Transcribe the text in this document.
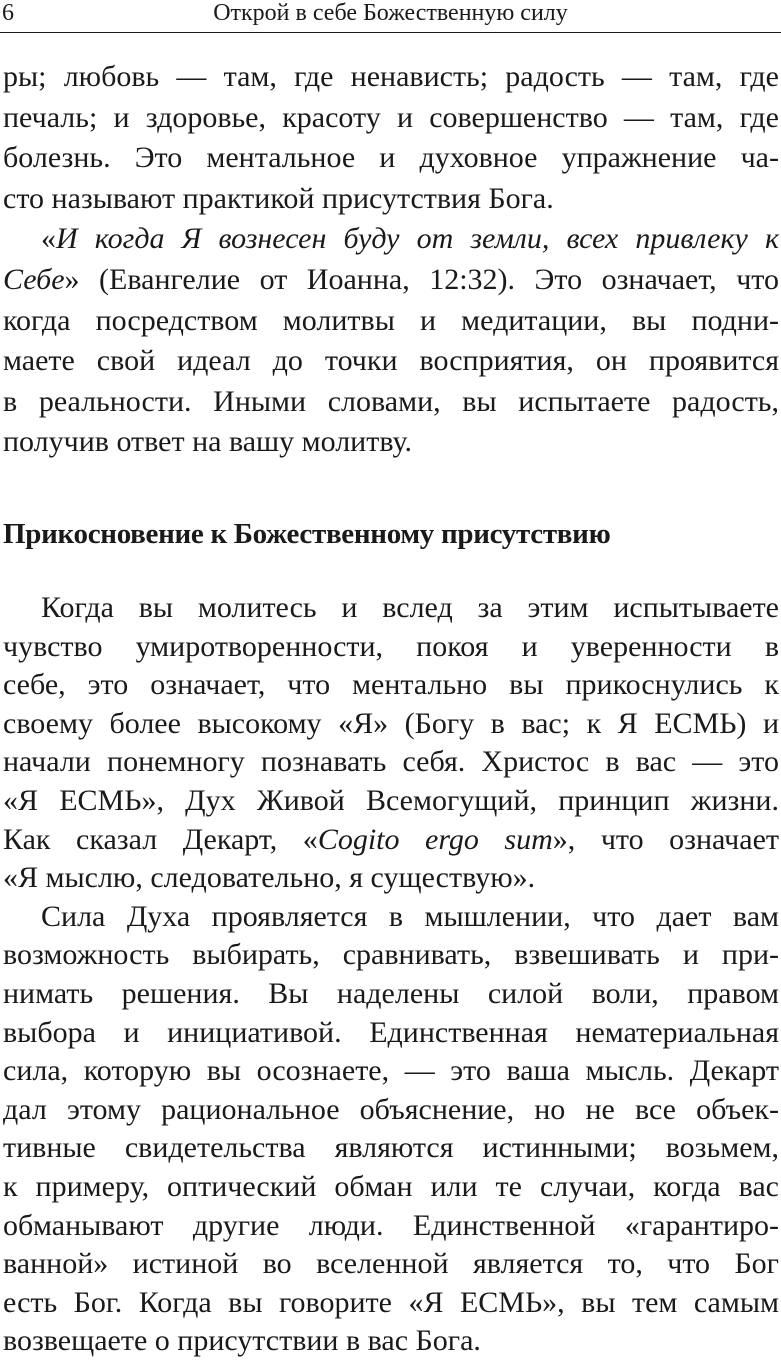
6	Открой в себе Божественную силу
ры; любовь — там, где ненависть; радость — там, где
печаль; и здоровье, красоту и совершенство — там, где
болезнь. Это ментальное и духовное упражнение ча-
сто называют практикой присутствия Бога.
«И когда Я вознесен буду от земли, всех привлеку к
Себе» (Евангелие от Иоанна, 12:32). Это означает, что
когда посредством молитвы и медитации, вы подни-
маете свой идеал до точки восприятия, он проявится
в реальности. Иными словами, вы испытаете радость,
получив ответ на вашу молитву.
Прикосновение к Божественному присутствию
Когда вы молитесь и вслед за этим испытываете
чувство умиротворенности, покоя и уверенности в
себе, это означает, что ментально вы прикоснулись к
своему более высокому «Я» (Богу в вас; к Я ЕСМЬ) и
начали понемногу познавать себя. Христос в вас — это
«Я ЕСМЬ», Дух Живой Всемогущий, принцип жизни.
Как сказал Декарт, «Cogito ergo sum», что означает
«Я мыслю, следовательно, я существую».
Сила Духа проявляется в мышлении, что дает вам
возможность выбирать, сравнивать, взвешивать и при-
нимать решения. Вы наделены силой воли, правом
выбора и инициативой. Единственная нематериальная
сила, которую вы осознаете, — это ваша мысль. Декарт
дал этому рациональное объяснение, но не все объек-
тивные свидетельства являются истинными; возьмем,
к примеру, оптический обман или те случаи, когда вас
обманывают другие люди. Единственной «гарантиро-
ванной» истиной во вселенной является то, что Бог
есть Бог. Когда вы говорите «Я ЕСМЬ», вы тем самым
возвещаете о присутствии в вас Бога.
